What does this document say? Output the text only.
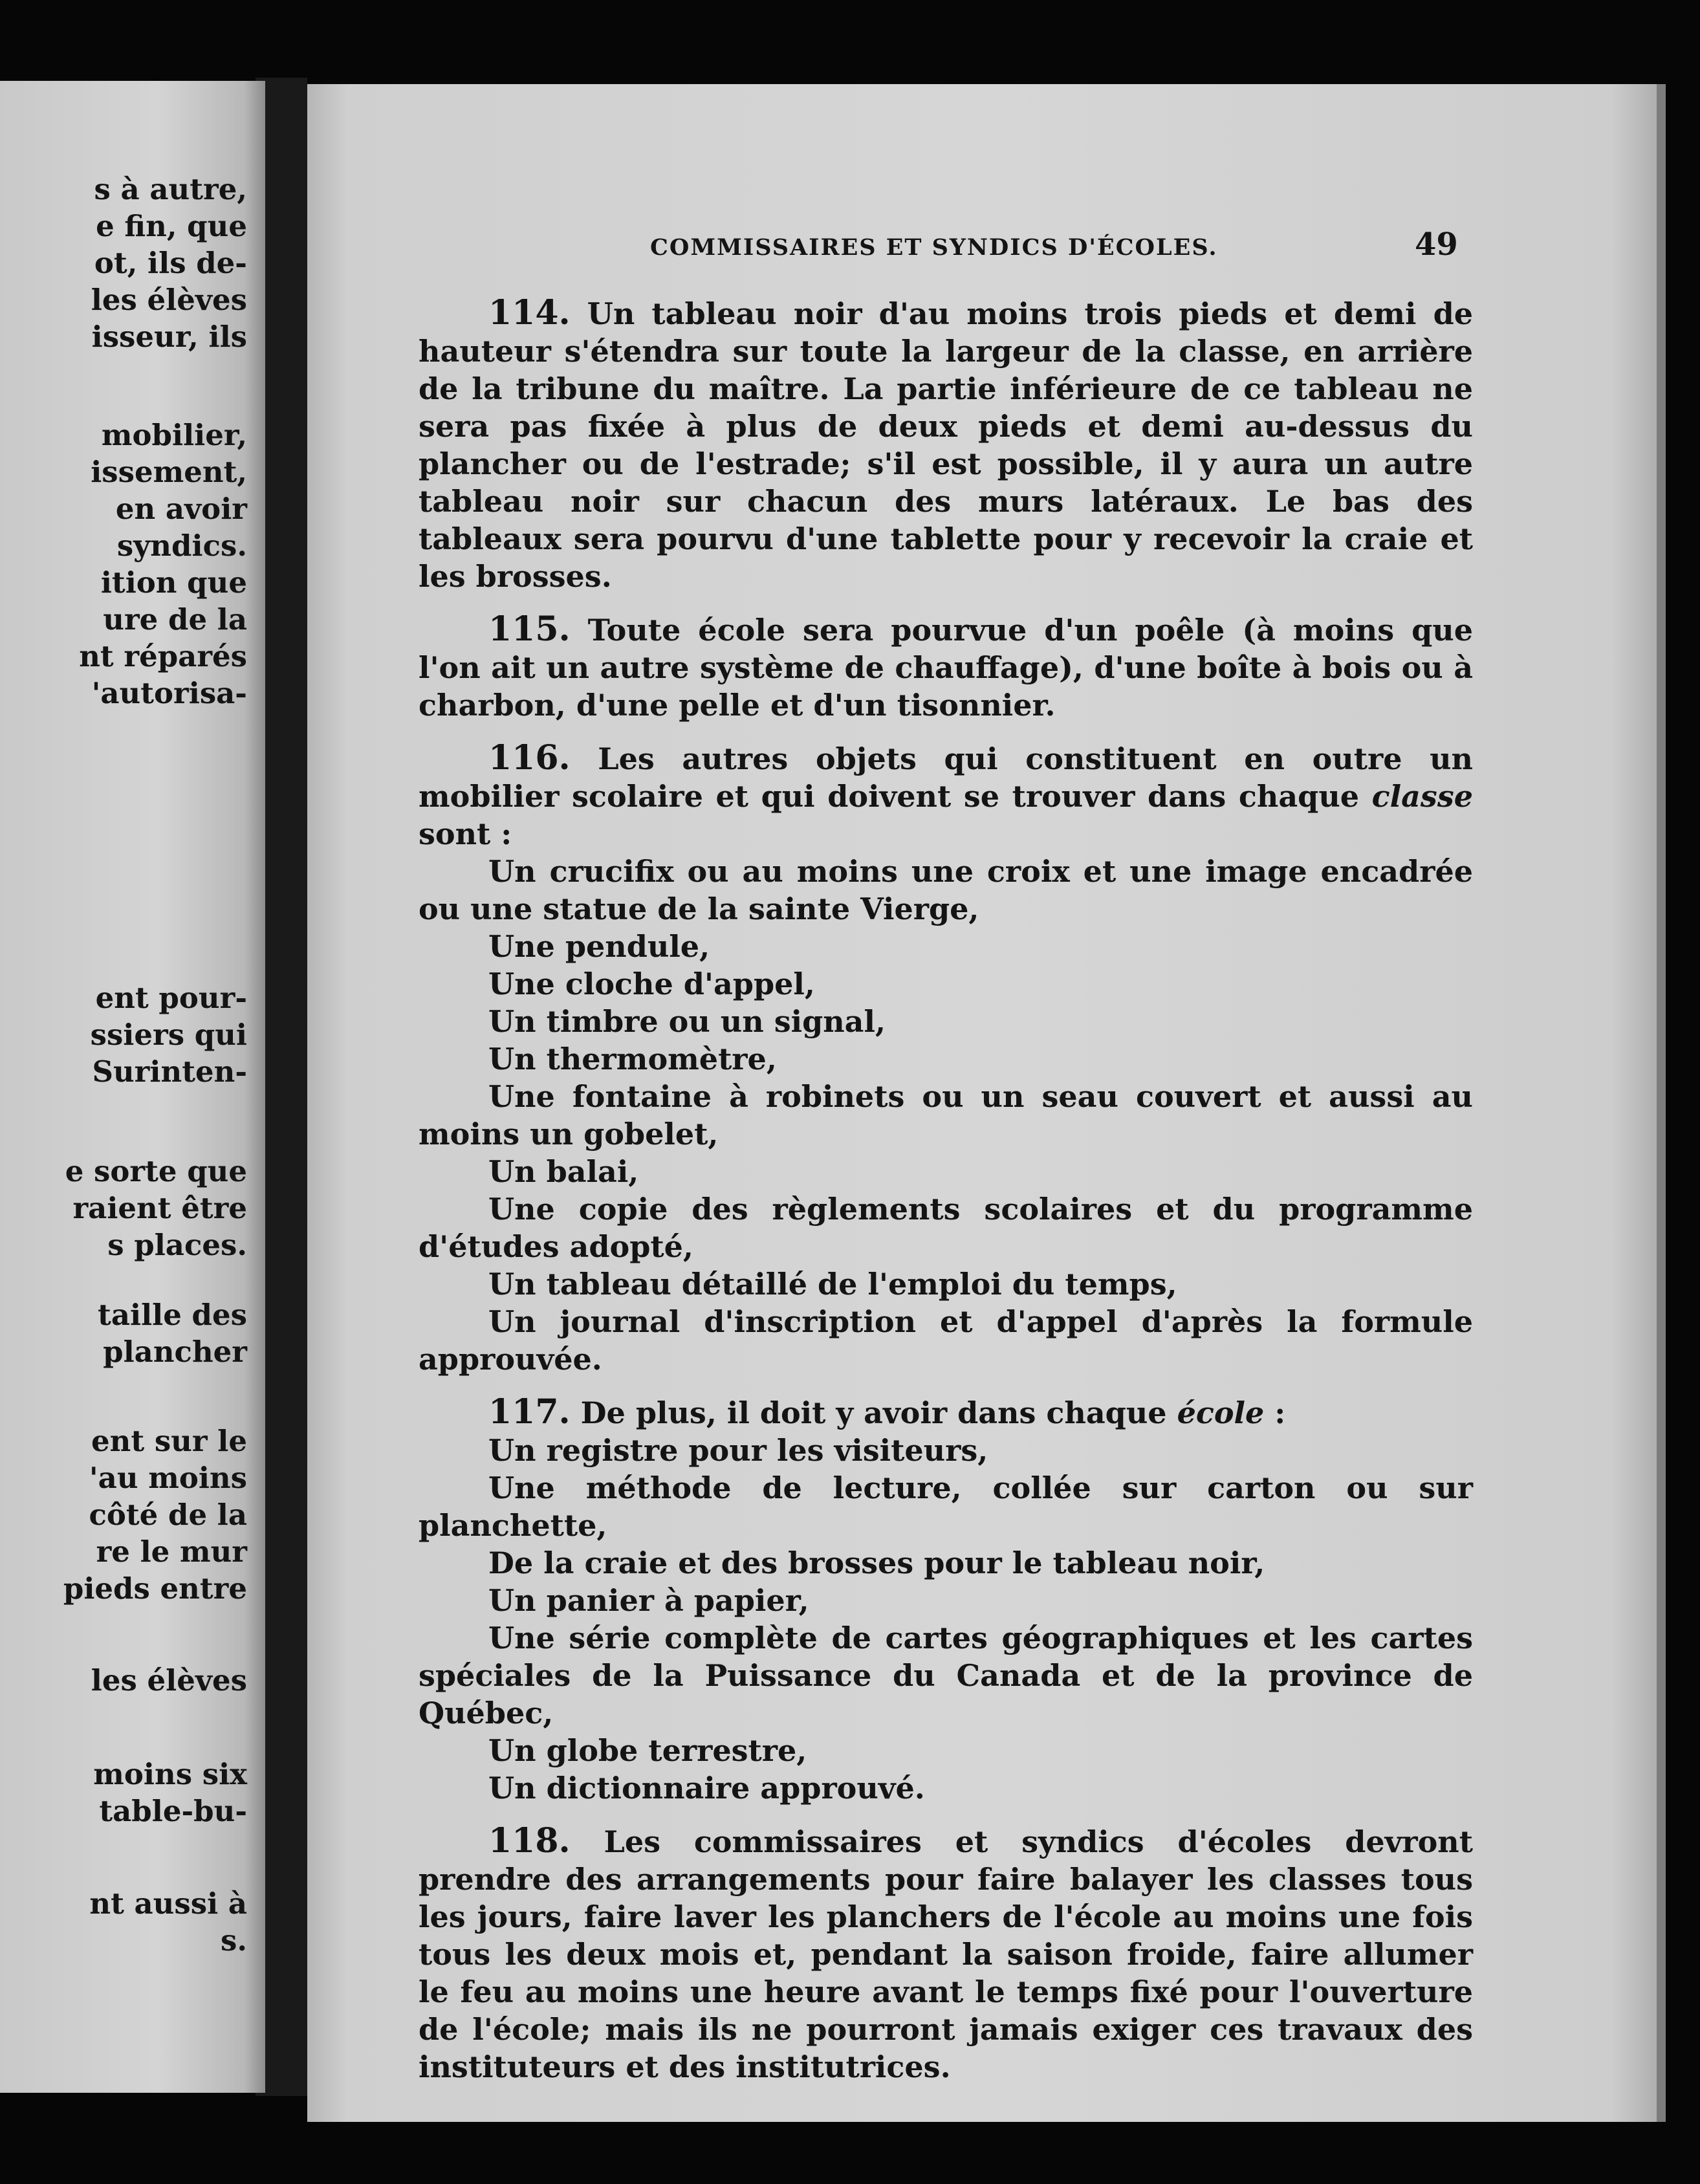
s à autre,
e fin, que
ot, ils de-
les élèves
isseur, ils
mobilier,
issement,
en avoir
syndics.
ition que
ure de la
nt réparés
'autorisa-
ent pour-
ssiers qui
Surinten-
e sorte que
raient être
s places.
taille des
plancher
ent sur le
'au moins
côté de la
re le mur
pieds entre
les élèves
moins six
table-bu-
nt aussi à
s.
COMMISSAIRES ET SYNDICS D'ÉCOLES.	49

114. Un tableau noir d'au moins trois pieds et demi de hauteur s'étendra sur toute la largeur de la classe, en arrière de la tribune du maître. La partie inférieure de ce tableau ne sera pas fixée à plus de deux pieds et demi au-dessus du plancher ou de l'estrade; s'il est possible, il y aura un autre tableau noir sur chacun des murs latéraux. Le bas des tableaux sera pourvu d'une tablette pour y recevoir la craie et les brosses.

115. Toute école sera pourvue d'un poêle (à moins que l'on ait un autre système de chauffage), d'une boîte à bois ou à charbon, d'une pelle et d'un tisonnier.

116. Les autres objets qui constituent en outre un mobilier scolaire et qui doivent se trouver dans chaque classe sont :

Un crucifix ou au moins une croix et une image encadrée ou une statue de la sainte Vierge,

Une pendule,

Une cloche d'appel,

Un timbre ou un signal,

Un thermomètre,

Une fontaine à robinets ou un seau couvert et aussi au moins un gobelet,

Un balai,

Une copie des règlements scolaires et du programme d'études adopté,

Un tableau détaillé de l'emploi du temps,

Un journal d'inscription et d'appel d'après la formule approuvée.

117. De plus, il doit y avoir dans chaque école :

Un registre pour les visiteurs,

Une méthode de lecture, collée sur carton ou sur planchette,

De la craie et des brosses pour le tableau noir,

Un panier à papier,

Une série complète de cartes géographiques et les cartes spéciales de la Puissance du Canada et de la province de Québec,

Un globe terrestre,

Un dictionnaire approuvé.

118. Les commissaires et syndics d'écoles devront prendre des arrangements pour faire balayer les classes tous les jours, faire laver les planchers de l'école au moins une fois tous les deux mois et, pendant la saison froide, faire allumer le feu au moins une heure avant le temps fixé pour l'ouverture de l'école; mais ils ne pourront jamais exiger ces travaux des instituteurs et des institutrices.
